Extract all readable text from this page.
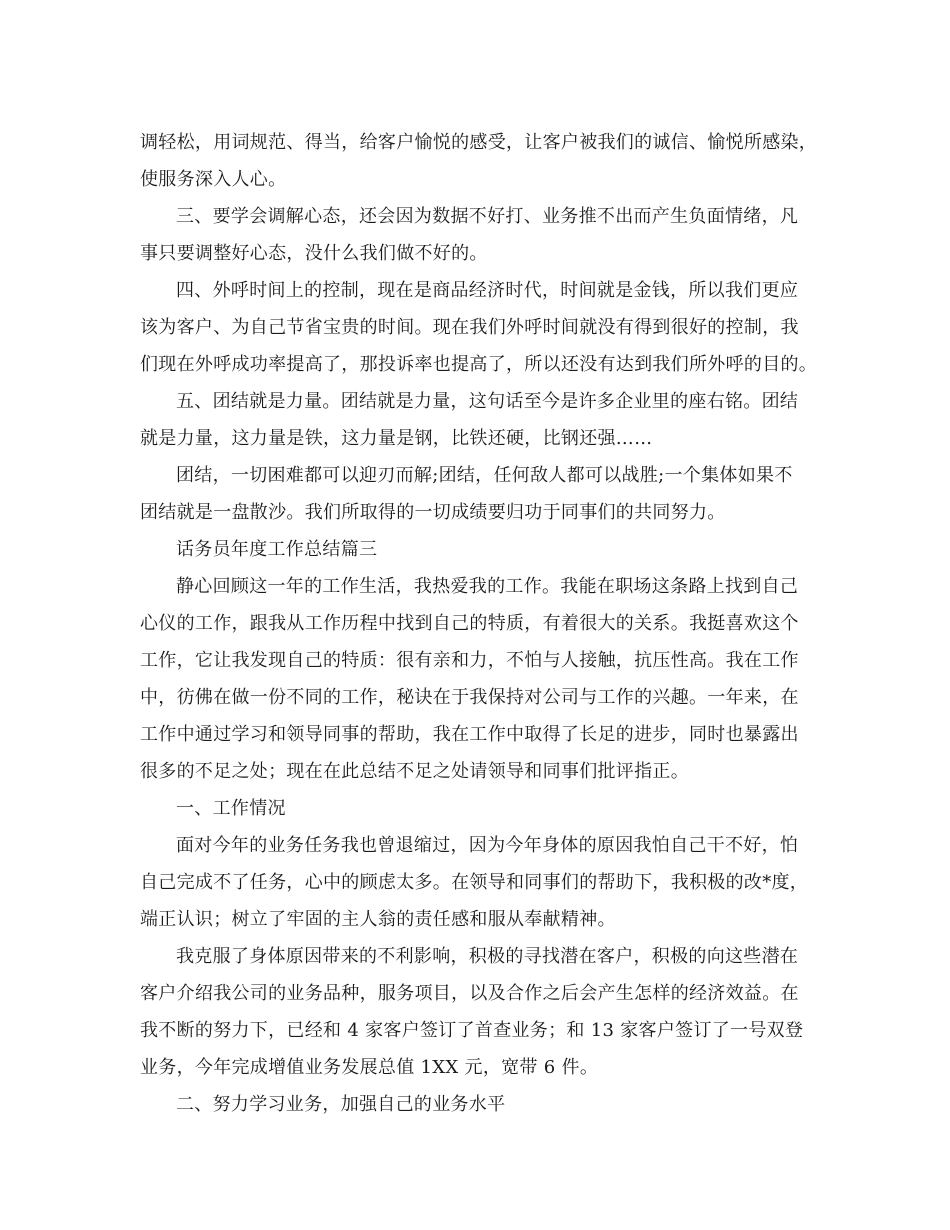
调轻松，用词规范、得当，给客户愉悦的感受，让客户被我们的诚信、愉悦所感染，
使服务深入人心。
三、要学会调解心态，还会因为数据不好打、业务推不出而产生负面情绪，凡
事只要调整好心态，没什么我们做不好的。
四、外呼时间上的控制，现在是商品经济时代，时间就是金钱，所以我们更应
该为客户、为自己节省宝贵的时间。现在我们外呼时间就没有得到很好的控制，我
们现在外呼成功率提高了，那投诉率也提高了，所以还没有达到我们所外呼的目的。
五、团结就是力量。团结就是力量，这句话至今是许多企业里的座右铭。团结
就是力量，这力量是铁，这力量是钢，比铁还硬，比钢还强……
团结，一切困难都可以迎刃而解;团结，任何敌人都可以战胜;一个集体如果不
团结就是一盘散沙。我们所取得的一切成绩要归功于同事们的共同努力。
话务员年度工作总结篇三
静心回顾这一年的工作生活，我热爱我的工作。我能在职场这条路上找到自己
心仪的工作，跟我从工作历程中找到自己的特质，有着很大的关系。我挺喜欢这个
工作，它让我发现自己的特质：很有亲和力，不怕与人接触，抗压性高。我在工作
中，彷佛在做一份不同的工作，秘诀在于我保持对公司与工作的兴趣。一年来，在
工作中通过学习和领导同事的帮助，我在工作中取得了长足的进步，同时也暴露出
很多的不足之处；现在在此总结不足之处请领导和同事们批评指正。
一、工作情况
面对今年的业务任务我也曾退缩过，因为今年身体的原因我怕自己干不好，怕
自己完成不了任务，心中的顾虑太多。在领导和同事们的帮助下，我积极的改*度，
端正认识；树立了牢固的主人翁的责任感和服从奉献精神。
我克服了身体原因带来的不利影响，积极的寻找潜在客户，积极的向这些潜在
客户介绍我公司的业务品种，服务项目，以及合作之后会产生怎样的经济效益。在
我不断的努力下，已经和 4 家客户签订了首查业务；和 13 家客户签订了一号双登
业务，今年完成增值业务发展总值 1XX 元，宽带 6 件。
二、努力学习业务，加强自己的业务水平
